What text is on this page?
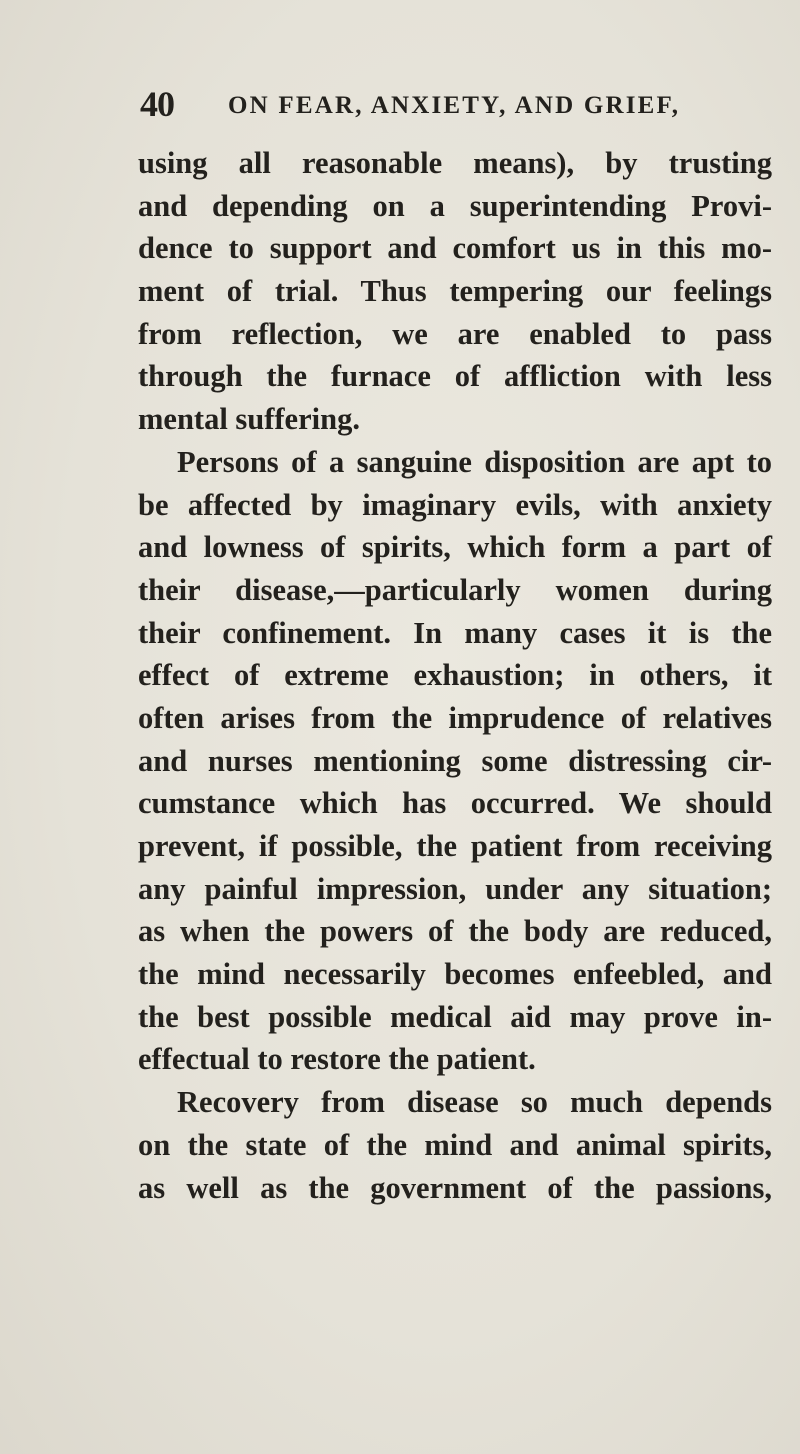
40 ON FEAR, ANXIETY, AND GRIEF,
using all reasonable means), by trusting
and depending on a superintending Provi-
dence to support and comfort us in this mo-
ment of trial. Thus tempering our feelings
from reflection, we are enabled to pass
through the furnace of affliction with less
mental suffering.
Persons of a sanguine disposition are apt to
be affected by imaginary evils, with anxiety
and lowness of spirits, which form a part of
their disease,—particularly women during
their confinement. In many cases it is the
effect of extreme exhaustion; in others, it
often arises from the imprudence of relatives
and nurses mentioning some distressing cir-
cumstance which has occurred. We should
prevent, if possible, the patient from receiving
any painful impression, under any situation;
as when the powers of the body are reduced,
the mind necessarily becomes enfeebled, and
the best possible medical aid may prove in-
effectual to restore the patient.
Recovery from disease so much depends
on the state of the mind and animal spirits,
as well as the government of the passions,
